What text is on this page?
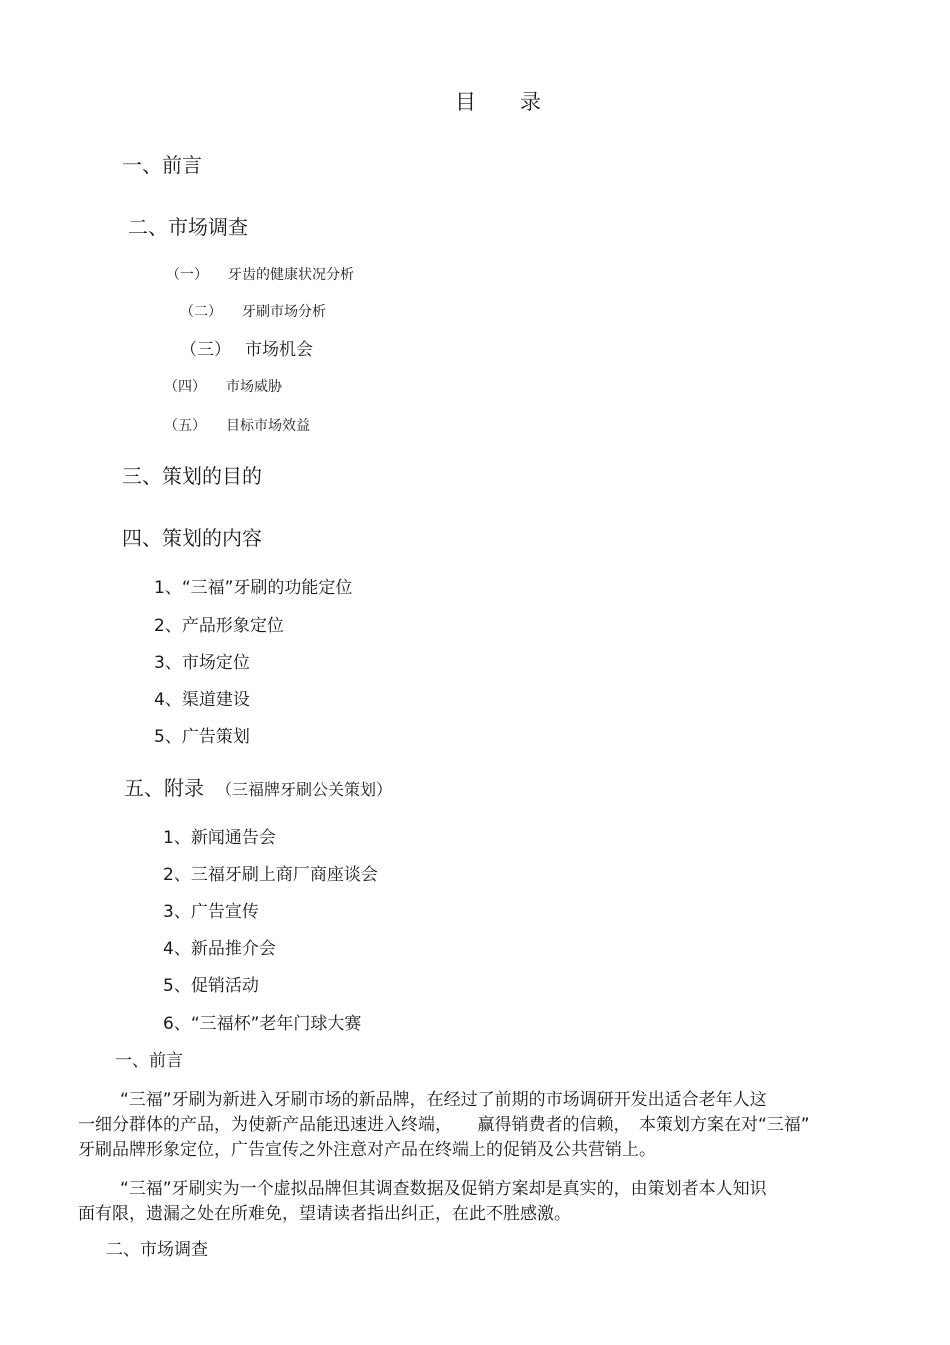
目 录
一、前言
二、市场调查
（一） 牙齿的健康状况分析
（二） 牙刷市场分析
（三） 市场机会
（四） 市场威胁
（五） 目标市场效益
三、策划的目的
四、策划的内容
1、“三福”牙刷的功能定位
2、产品形象定位
3、市场定位
4、渠道建设
5、广告策划
五、附录 （三福牌牙刷公关策划）
1、新闻通告会
2、三福牙刷上商厂商座谈会
3、广告宣传
4、新品推介会
5、促销活动
6、“三福杯”老年门球大赛
一、前言
“三福”牙刷为新进入牙刷市场的新品牌，在经过了前期的市场调研开发出适合老年人这
一细分群体的产品，为使新产品能迅速进入终端，　　赢得销费者的信赖，　本策划方案在对“三福”
牙刷品牌形象定位，广告宣传之外注意对产品在终端上的促销及公共营销上。
“三福”牙刷实为一个虚拟品牌但其调查数据及促销方案却是真实的，由策划者本人知识
面有限，遗漏之处在所难免，望请读者指出纠正，在此不胜感激。
二、市场调查
